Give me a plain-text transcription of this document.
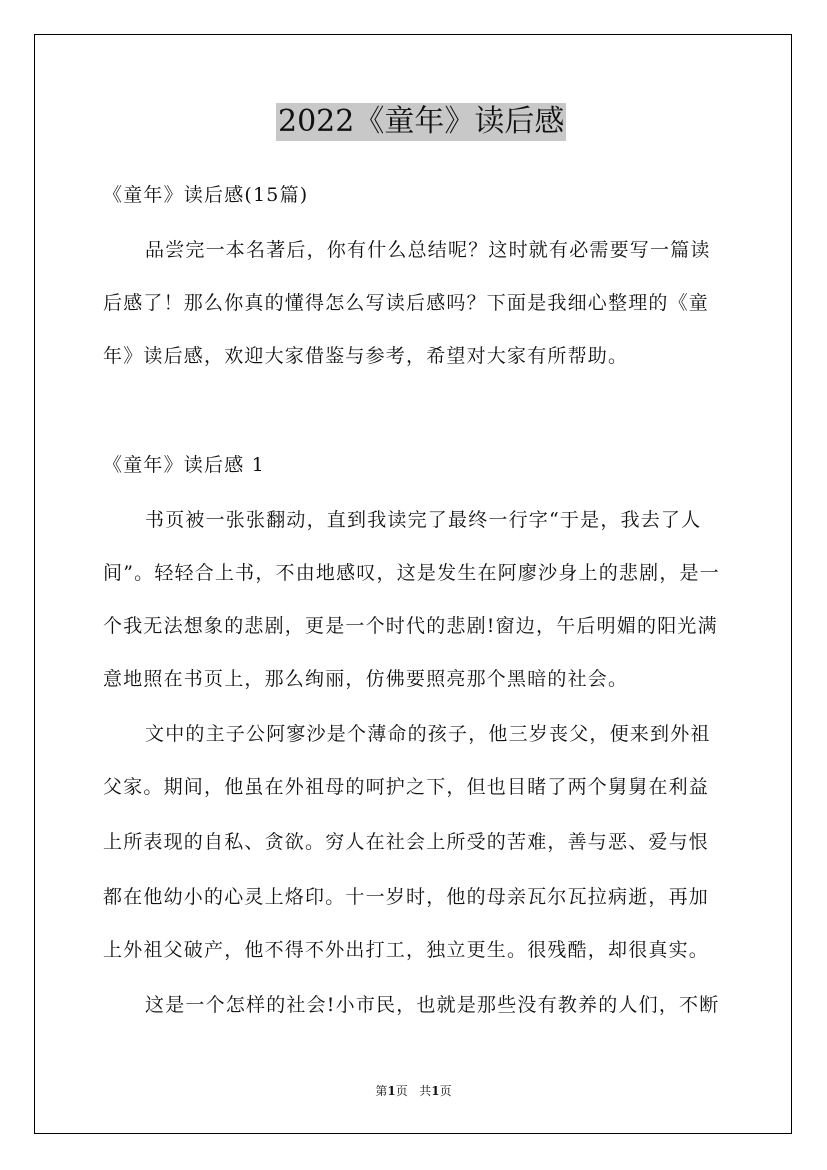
2022《童年》读后感
《童年》读后感(15篇)
品尝完一本名著后，你有什么总结呢？这时就有必需要写一篇读
后感了！那么你真的懂得怎么写读后感吗？下面是我细心整理的《童
年》读后感，欢迎大家借鉴与参考，希望对大家有所帮助。
《童年》读后感 1
书页被一张张翻动，直到我读完了最终一行字“于是，我去了人
间”。轻轻合上书，不由地感叹，这是发生在阿廖沙身上的悲剧，是一
个我无法想象的悲剧，更是一个时代的悲剧!窗边，午后明媚的阳光满
意地照在书页上，那么绚丽，仿佛要照亮那个黑暗的社会。
文中的主子公阿寥沙是个薄命的孩子，他三岁丧父，便来到外祖
父家。期间，他虽在外祖母的呵护之下，但也目睹了两个舅舅在利益
上所表现的自私、贪欲。穷人在社会上所受的苦难，善与恶、爱与恨
都在他幼小的心灵上烙印。十一岁时，他的母亲瓦尔瓦拉病逝，再加
上外祖父破产，他不得不外出打工，独立更生。很残酷，却很真实。
这是一个怎样的社会!小市民，也就是那些没有教养的人们，不断
第1页 共1页
